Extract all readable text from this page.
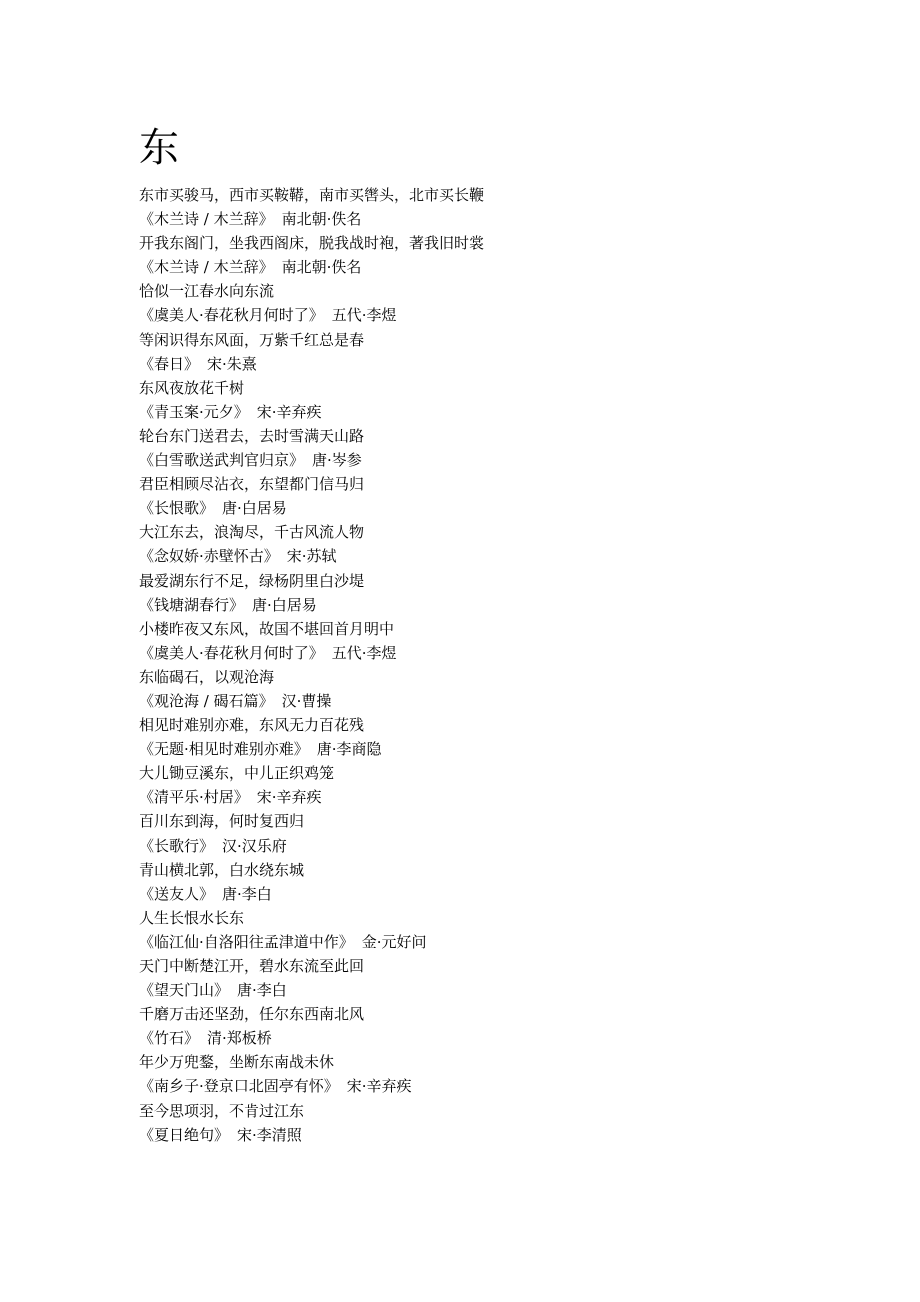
东
东市买骏马，西市买鞍鞯，南市买辔头，北市买长鞭
《木兰诗 / 木兰辞》 南北朝·佚名
开我东阁门，坐我西阁床，脱我战时袍，著我旧时裳
《木兰诗 / 木兰辞》 南北朝·佚名
恰似一江春水向东流
《虞美人·春花秋月何时了》 五代·李煜
等闲识得东风面，万紫千红总是春
《春日》 宋·朱熹
东风夜放花千树
《青玉案·元夕》 宋·辛弃疾
轮台东门送君去，去时雪满天山路
《白雪歌送武判官归京》 唐·岑参
君臣相顾尽沾衣，东望都门信马归
《长恨歌》 唐·白居易
大江东去，浪淘尽，千古风流人物
《念奴娇·赤壁怀古》 宋·苏轼
最爱湖东行不足，绿杨阴里白沙堤
《钱塘湖春行》 唐·白居易
小楼昨夜又东风，故国不堪回首月明中
《虞美人·春花秋月何时了》 五代·李煜
东临碣石，以观沧海
《观沧海 / 碣石篇》 汉·曹操
相见时难别亦难，东风无力百花残
《无题·相见时难别亦难》 唐·李商隐
大儿锄豆溪东，中儿正织鸡笼
《清平乐·村居》 宋·辛弃疾
百川东到海，何时复西归
《长歌行》 汉·汉乐府
青山横北郭，白水绕东城
《送友人》 唐·李白
人生长恨水长东
《临江仙·自洛阳往孟津道中作》 金·元好问
天门中断楚江开，碧水东流至此回
《望天门山》 唐·李白
千磨万击还坚劲，任尔东西南北风
《竹石》 清·郑板桥
年少万兜鍪，坐断东南战未休
《南乡子·登京口北固亭有怀》 宋·辛弃疾
至今思项羽，不肯过江东
《夏日绝句》 宋·李清照
